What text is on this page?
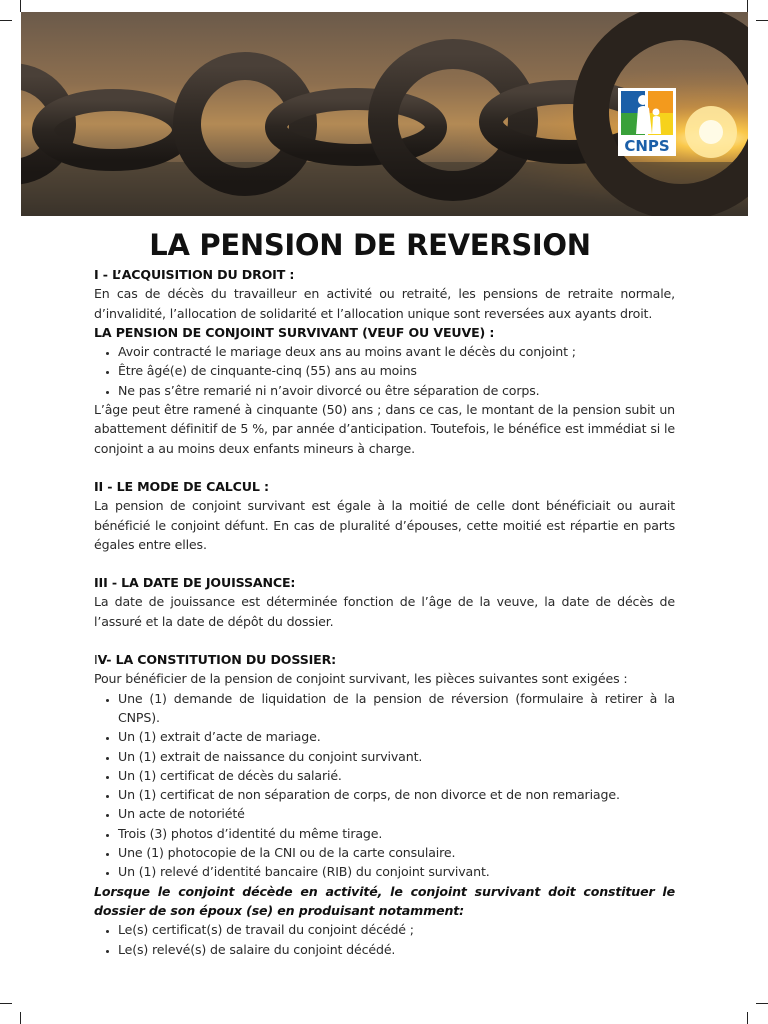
CNPS
LA PENSION DE REVERSION

I - L’ACQUISITION DU DROIT :

En cas de décès du travailleur en activité ou retraité, les pensions de retraite normale, d’invalidité, l’allocation de solidarité et l’allocation unique sont reversées aux ayants droit.

LA PENSION DE CONJOINT SURVIVANT (VEUF OU VEUVE) :

• Avoir contracté le mariage deux ans au moins avant le décès du conjoint ;
• Être âgé(e) de cinquante-cinq (55) ans au moins
• Ne pas s’être remarié ni n’avoir divorcé ou être séparation de corps.

L’âge peut être ramené à cinquante (50) ans ; dans ce cas, le montant de la pension subit un abattement définitif de 5 %, par année d’anticipation. Toutefois, le bénéfice est immédiat si le conjoint a au moins deux enfants mineurs à charge.

II - LE MODE DE CALCUL :

La pension de conjoint survivant est égale à la moitié de celle dont bénéficiait ou aurait bénéficié le conjoint défunt. En cas de pluralité d’épouses, cette moitié est répartie en parts égales entre elles.

III - LA DATE DE JOUISSANCE:

La date de jouissance est déterminée fonction de l’âge de la veuve, la date de décès de l’assuré et la date de dépôt du dossier.

IV- LA CONSTITUTION DU DOSSIER:

Pour bénéficier de la pension de conjoint survivant, les pièces suivantes sont exigées :

• Une (1) demande de liquidation de la pension de réversion (formulaire à retirer à la CNPS).
• Un (1) extrait d’acte de mariage.
• Un (1) extrait de naissance du conjoint survivant.
• Un (1) certificat de décès du salarié.
• Un (1) certificat de non séparation de corps, de non divorce et de non remariage.
• Un acte de notoriété
• Trois (3) photos d’identité du même tirage.
• Une (1) photocopie de la CNI ou de la carte consulaire.
• Un (1) relevé d’identité bancaire (RIB) du conjoint survivant.

Lorsque le conjoint décède en activité, le conjoint survivant doit constituer le dossier de son époux (se) en produisant notamment:

• Le(s) certificat(s) de travail du conjoint décédé ;
• Le(s) relevé(s) de salaire du conjoint décédé.
